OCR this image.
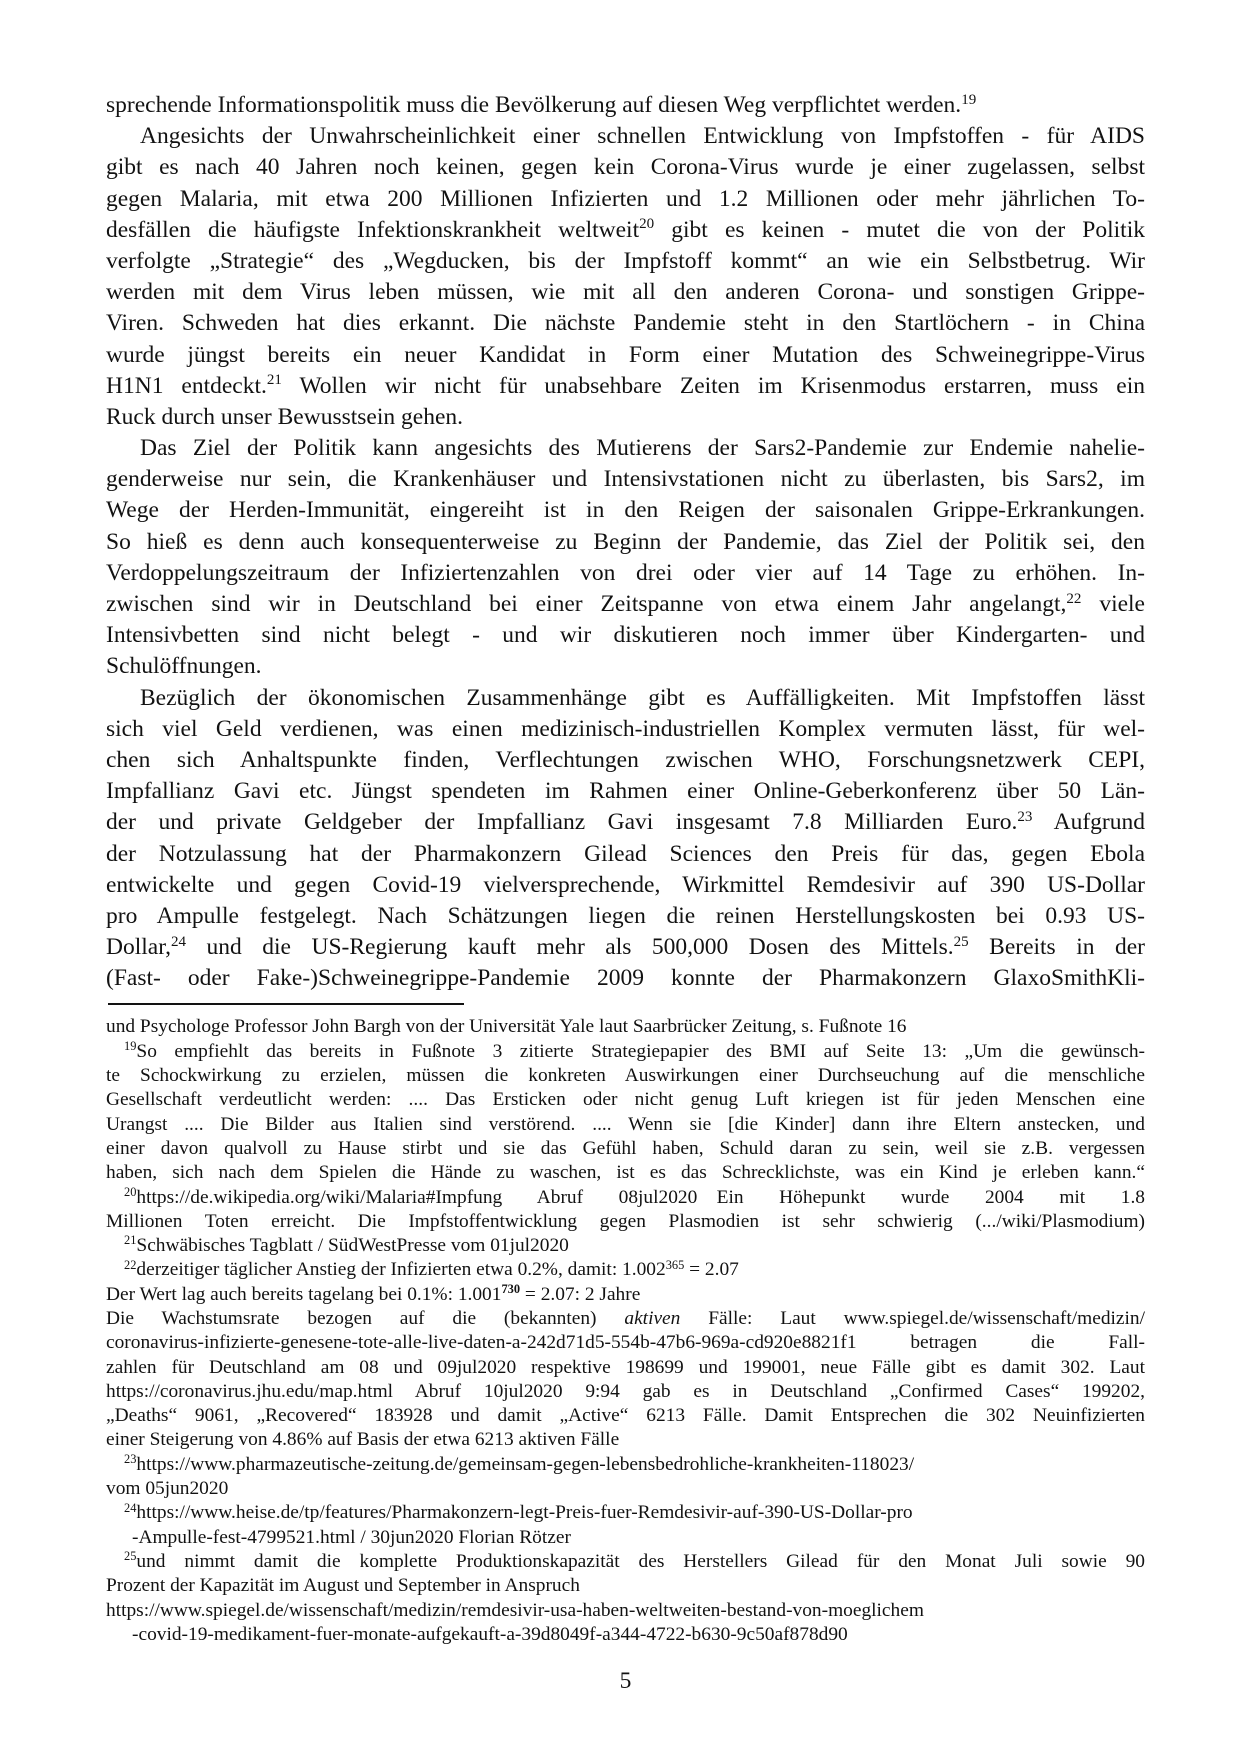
sprechende Informationspolitik muss die Bevölkerung auf diesen Weg verpflichtet werden.$^{19}$
Angesichts der Unwahrscheinlichkeit einer schnellen Entwicklung von Impfstoffen - für AIDS
gibt es nach 40 Jahren noch keinen, gegen kein Corona-Virus wurde je einer zugelassen, selbst
gegen Malaria, mit etwa 200 Millionen Infizierten und 1.2 Millionen oder mehr jährlichen To-
desfällen die häufigste Infektionskrankheit weltweit$^{20}$ gibt es keinen - mutet die von der Politik
verfolgte „Strategie“ des „Wegducken, bis der Impfstoff kommt“ an wie ein Selbstbetrug. Wir
werden mit dem Virus leben müssen, wie mit all den anderen Corona- und sonstigen Grippe-
Viren. Schweden hat dies erkannt. Die nächste Pandemie steht in den Startlöchern - in China
wurde jüngst bereits ein neuer Kandidat in Form einer Mutation des Schweinegrippe-Virus
H1N1 entdeckt.$^{21}$ Wollen wir nicht für unabsehbare Zeiten im Krisenmodus erstarren, muss ein
Ruck durch unser Bewusstsein gehen.
Das Ziel der Politik kann angesichts des Mutierens der Sars2-Pandemie zur Endemie nahelie-
genderweise nur sein, die Krankenhäuser und Intensivstationen nicht zu überlasten, bis Sars2, im
Wege der Herden-Immunität, eingereiht ist in den Reigen der saisonalen Grippe-Erkrankungen.
So hieß es denn auch konsequenterweise zu Beginn der Pandemie, das Ziel der Politik sei, den
Verdoppelungszeitraum der Infiziertenzahlen von drei oder vier auf 14 Tage zu erhöhen. In-
zwischen sind wir in Deutschland bei einer Zeitspanne von etwa einem Jahr angelangt,$^{22}$ viele
Intensivbetten sind nicht belegt - und wir diskutieren noch immer über Kindergarten- und
Schulöffnungen.
Bezüglich der ökonomischen Zusammenhänge gibt es Auffälligkeiten. Mit Impfstoffen lässt
sich viel Geld verdienen, was einen medizinisch-industriellen Komplex vermuten lässt, für wel-
chen sich Anhaltspunkte finden, Verflechtungen zwischen WHO, Forschungsnetzwerk CEPI,
Impfallianz Gavi etc. Jüngst spendeten im Rahmen einer Online-Geberkonferenz über 50 Län-
der und private Geldgeber der Impfallianz Gavi insgesamt 7.8 Milliarden Euro.$^{23}$ Aufgrund
der Notzulassung hat der Pharmakonzern Gilead Sciences den Preis für das, gegen Ebola
entwickelte und gegen Covid-19 vielversprechende, Wirkmittel Remdesivir auf 390 US-Dollar
pro Ampulle festgelegt. Nach Schätzungen liegen die reinen Herstellungskosten bei 0.93 US-
Dollar,$^{24}$ und die US-Regierung kauft mehr als 500,000 Dosen des Mittels.$^{25}$ Bereits in der
(Fast- oder Fake-)Schweinegrippe-Pandemie 2009 konnte der Pharmakonzern GlaxoSmithKli-
und Psychologe Professor John Bargh von der Universität Yale laut Saarbrücker Zeitung, s. Fußnote 16
$^{19}$So empfiehlt das bereits in Fußnote 3 zitierte Strategiepapier des BMI auf Seite 13: „Um die gewünsch-
te Schockwirkung zu erzielen, müssen die konkreten Auswirkungen einer Durchseuchung auf die menschliche
Gesellschaft verdeutlicht werden: .... Das Ersticken oder nicht genug Luft kriegen ist für jeden Menschen eine
Urangst .... Die Bilder aus Italien sind verstörend. .... Wenn sie [die Kinder] dann ihre Eltern anstecken, und
einer davon qualvoll zu Hause stirbt und sie das Gefühl haben, Schuld daran zu sein, weil sie z.B. vergessen
haben, sich nach dem Spielen die Hände zu waschen, ist es das Schrecklichste, was ein Kind je erleben kann.“
$^{20}$https://de.wikipedia.org/wiki/Malaria#Impfung Abruf 08jul2020  Ein Höhepunkt wurde 2004 mit 1.8
Millionen Toten erreicht. Die Impfstoffentwicklung gegen Plasmodien ist sehr schwierig (.../wiki/Plasmodium)
$^{21}$Schwäbisches Tagblatt / SüdWestPresse vom 01jul2020
$^{22}$derzeitiger täglicher Anstieg der Infizierten etwa 0.2%, damit: $1.002^{365} = 2.07$
Der Wert lag auch bereits tagelang bei 0.1%: $1.001^{730} = 2.07$: 2 Jahre
Die Wachstumsrate bezogen auf die (bekannten) aktiven Fälle: Laut www.spiegel.de/wissenschaft/medizin/
coronavirus-infizierte-genesene-tote-alle-live-daten-a-242d71d5-554b-47b6-969a-cd920e8821f1 betragen die Fall-
zahlen für Deutschland am 08 und 09jul2020 respektive 198699 und 199001, neue Fälle gibt es damit 302. Laut
https://coronavirus.jhu.edu/map.html Abruf 10jul2020 9:94 gab es in Deutschland „Confirmed Cases“ 199202,
„Deaths“ 9061, „Recovered“ 183928 und damit „Active“ 6213 Fälle. Damit Entsprechen die 302 Neuinfizierten
einer Steigerung von 4.86% auf Basis der etwa 6213 aktiven Fälle
$^{23}$https://www.pharmazeutische-zeitung.de/gemeinsam-gegen-lebensbedrohliche-krankheiten-118023/
vom 05jun2020
$^{24}$https://www.heise.de/tp/features/Pharmakonzern-legt-Preis-fuer-Remdesivir-auf-390-US-Dollar-pro
-Ampulle-fest-4799521.html / 30jun2020 Florian Rötzer
$^{25}$und nimmt damit die komplette Produktionskapazität des Herstellers Gilead für den Monat Juli sowie 90
Prozent der Kapazität im August und September in Anspruch
https://www.spiegel.de/wissenschaft/medizin/remdesivir-usa-haben-weltweiten-bestand-von-moeglichem
-covid-19-medikament-fuer-monate-aufgekauft-a-39d8049f-a344-4722-b630-9c50af878d90
5
